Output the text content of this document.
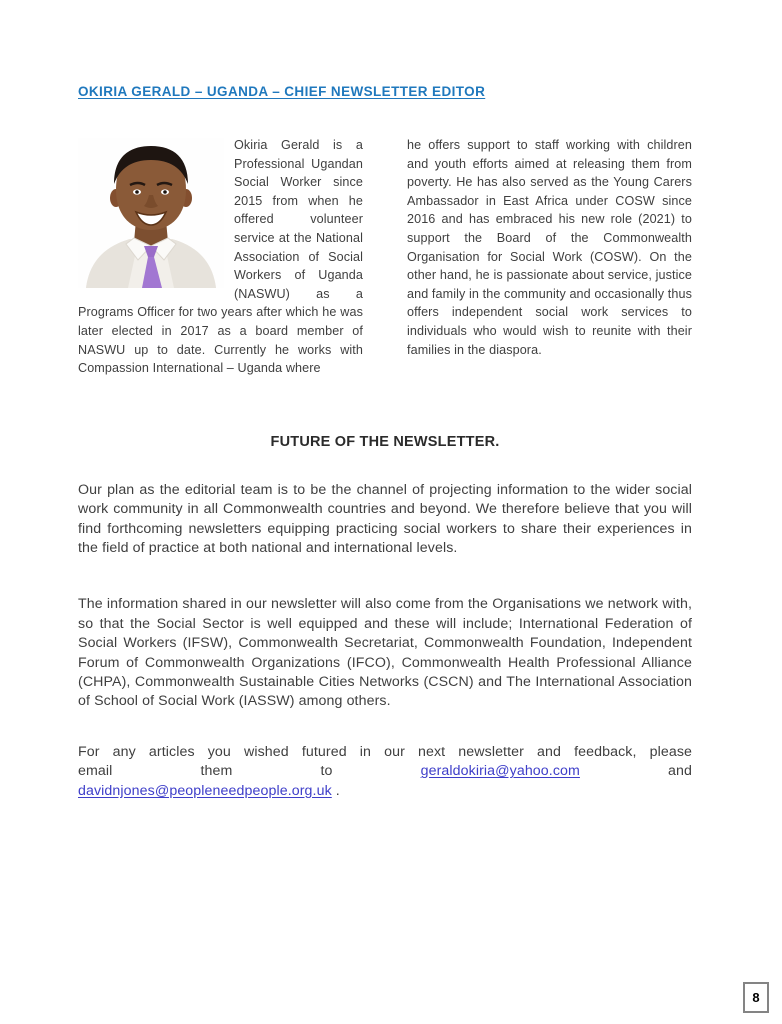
OKIRIA GERALD – UGANDA – CHIEF NEWSLETTER EDITOR
Okiria Gerald is a Professional Ugandan Social Worker since 2015 from when he offered volunteer service at the National Association of Social Workers of Uganda (NASWU) as a Programs Officer for two years after which he was later elected in 2017 as a board member of NASWU up to date. Currently he works with Compassion International – Uganda where
he offers support to staff working with children and youth efforts aimed at releasing them from poverty. He has also served as the Young Carers Ambassador in East Africa under COSW since 2016 and has embraced his new role (2021) to support the Board of the Commonwealth Organisation for Social Work (COSW). On the other hand, he is passionate about service, justice and family in the community and occasionally thus offers independent social work services to individuals who would wish to reunite with their families in the diaspora.
FUTURE OF THE NEWSLETTER.
Our plan as the editorial team is to be the channel of projecting information to the wider social work community in all Commonwealth countries and beyond. We therefore believe that you will find forthcoming newsletters equipping practicing social workers to share their experiences in the field of practice at both national and international levels.
The information shared in our newsletter will also come from the Organisations we network with, so that the Social Sector is well equipped and these will include; International Federation of Social Workers (IFSW), Commonwealth Secretariat, Commonwealth Foundation, Independent Forum of Commonwealth Organizations (IFCO), Commonwealth Health Professional Alliance (CHPA), Commonwealth Sustainable Cities Networks (CSCN) and The International Association of School of Social Work (IASSW) among others.
For any articles you wished futured in our next newsletter and feedback, please
email	them	to	geraldokiria@yahoo.com	and
davidnjones@peopleneedpeople.org.uk .
8
